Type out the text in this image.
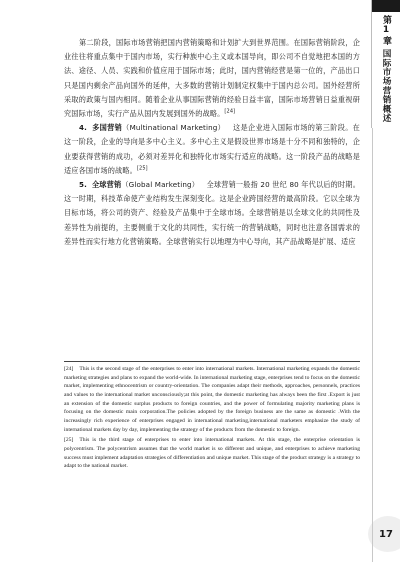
第二阶段，国际市场营销把国内营销策略和计划扩大到世界范围。在国际营销阶段，企业往往将重点集中于国内市场，实行种族中心主义或本国导向，即公司不自觉地把本国的方法、途径、人员、实践和价值应用于国际市场；此时，国内营销经营是第一位的，产品出口只是国内剩余产品向国外的延伸，大多数的营销计划制定权集中于国内总公司。国外经营所采取的政策与国内相同。随着企业从事国际营销的经验日益丰富，国际市场营销日益重视研究国际市场，实行产品从国内发展到国外的战略。[24]

4. 多国营销（Multinational Marketing） 这是企业进入国际市场的第三阶段。在这一阶段，企业的导向是多中心主义。多中心主义是假设世界市场是十分不同和独特的，企业要获得营销的成功，必须对差异化和独特化市场实行适应的战略。这一阶段产品的战略是适应各国市场的战略。[25]

5. 全球营销（Global Marketing） 全球营销一般指 20 世纪 80 年代以后的时期。这一时期，科技革命使产业结构发生深刻变化。这是企业跨国经营的最高阶段。它以全球为目标市场，将公司的资产、经验及产品集中于全球市场。全球营销是以全球文化的共同性及差异性为前提的，主要侧重于文化的共同性，实行统一的营销战略，同时也注意各国需求的差异性而实行地方化营销策略。全球营销实行以地理为中心导向，其产品战略是扩展、适应

[24] This is the second stage of the enterprises to enter into international markets. International marketing expands the domestic marketing strategies and plans to expand the world-wide. In international marketing stage, enterprises tend to focus on the domestic market, implementing ethnocentrism or country-orientation. The companies adapt their methods, approaches, personnels, practices and values to the international market unconsciously;at this point, the domestic marketing has always been the first .Export is just an extension of the domestic surplus products to foreign countries, and the power of formulating majority marketing plans is focusing on the domestic main corporation.The policies adopted by the foreign business are the same as domestic .With the increasingly rich experience of enterprises engaged in international marketing,international marketers emphasize the study of international markets day by day, implementing the strategy of the products from the domestic to foreign.

[25] This is the third stage of enterprises to enter into international markets. At this stage, the enterprise orientation is polycentrism. The polycentrism assumes that the world market is so different and unique, and enterprises to achieve marketing success must implement adaptation strategies of differentiation and unique market. This stage of the product strategy is a strategy to adapt to the national market.

第1章
国际市场营销概述
17
